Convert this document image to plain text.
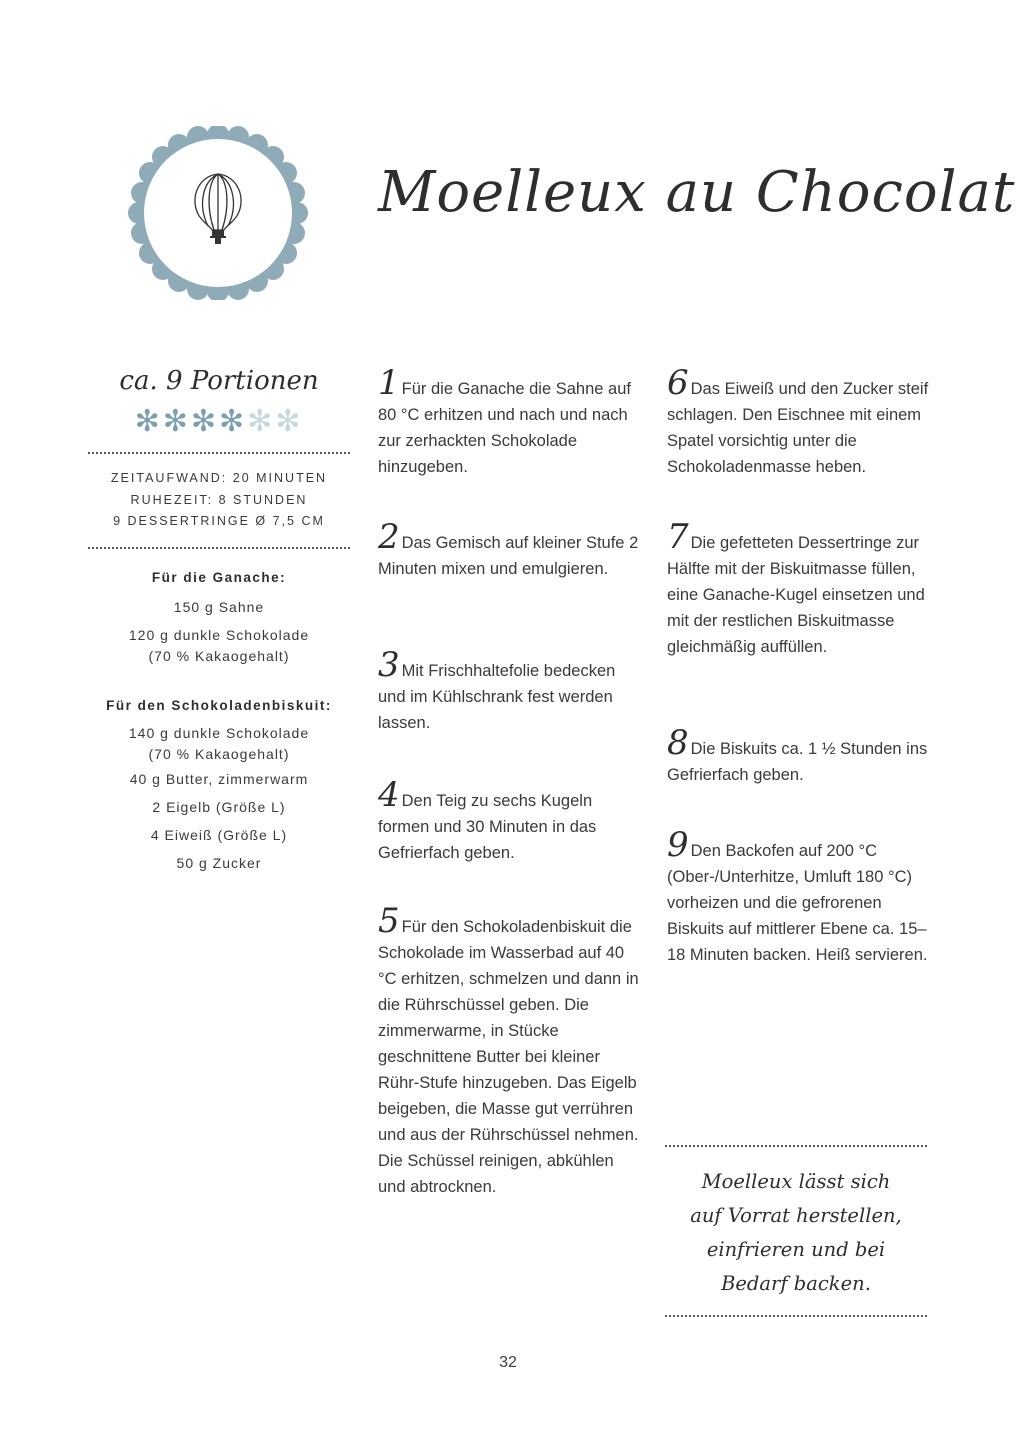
Moelleux au Chocolat
ca. 9 Portionen
✻✻✻✻✻✻
ZEITAUFWAND: 20 MINUTEN
RUHEZEIT: 8 STUNDEN
9 DESSERTRINGE Ø 7,5 CM
Für die Ganache:
150 g Sahne
120 g dunkle Schokolade
(70 % Kakaogehalt)
Für den Schokoladenbiskuit:
140 g dunkle Schokolade
(70 % Kakaogehalt)
40 g Butter, zimmerwarm
2 Eigelb (Größe L)
4 Eiweiß (Größe L)
50 g Zucker
1 Für die Ganache die Sahne auf 80 °C erhitzen und nach und nach zur zerhackten Schokolade hinzugeben.
2 Das Gemisch auf kleiner Stufe 2 Minuten mixen und emulgieren.
3 Mit Frischhaltefolie bedecken und im Kühlschrank fest werden lassen.
4 Den Teig zu sechs Kugeln formen und 30 Minuten in das Gefrierfach geben.
5 Für den Schokoladenbiskuit die Schokolade im Wasserbad auf 40 °C erhitzen, schmelzen und dann in die Rührschüssel geben. Die zimmerwarme, in Stücke geschnittene Butter bei kleiner Rühr-Stufe hinzugeben. Das Eigelb beigeben, die Masse gut verrühren und aus der Rührschüssel nehmen. Die Schüssel reinigen, abkühlen und abtrocknen.
6 Das Eiweiß und den Zucker steif schlagen. Den Eischnee mit einem Spatel vorsichtig unter die Schokoladenmasse heben.
7 Die gefetteten Dessertringe zur Hälfte mit der Biskuitmasse füllen, eine Ganache-Kugel einsetzen und mit der restlichen Biskuitmasse gleichmäßig auffüllen.
8 Die Biskuits ca. 1 ½ Stunden ins Gefrierfach geben.
9 Den Backofen auf 200 °C (Ober-/Unterhitze, Umluft 180 °C) vorheizen und die gefrorenen Biskuits auf mittlerer Ebene ca. 15–18 Minuten backen. Heiß servieren.
Moelleux lässt sich
auf Vorrat herstellen,
einfrieren und bei
Bedarf backen.
32
